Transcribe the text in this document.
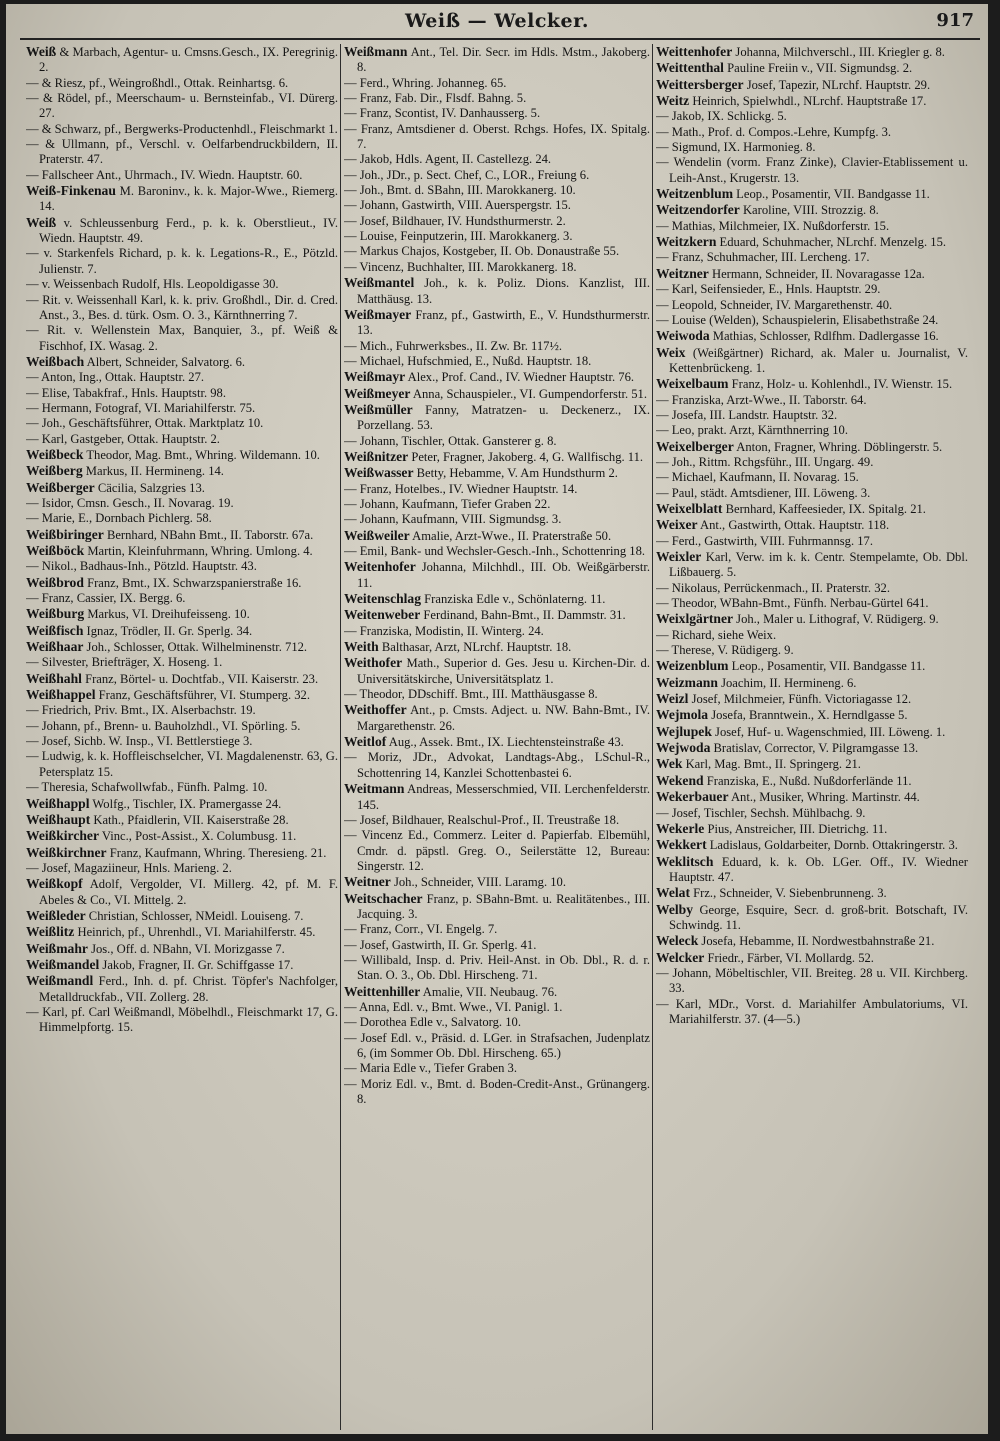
Weiß — Welcker.	917

Weiß & Marbach, Agentur- u. Cmsns.Gesch., IX. Peregrinig. 2.

— & Riesz, pf., Weingroßhdl., Ottak. Reinhartsg. 6.

— & Rödel, pf., Meerschaum- u. Bernsteinfab., VI. Dürerg. 27.

— & Schwarz, pf., Bergwerks-Productenhdl., Fleischmarkt 1.

— & Ullmann, pf., Verschl. v. Oelfarbendruckbildern, II. Praterstr. 47.

— Fallscheer Ant., Uhrmach., IV. Wiedn. Hauptstr. 60.

Weiß-Finkenau M. Baroninv., k. k. Major-Wwe., Riemerg. 14.

Weiß v. Schleussenburg Ferd., p. k. k. Oberstlieut., IV. Wiedn. Hauptstr. 49.

— v. Starkenfels Richard, p. k. k. Legations-R., E., Pötzld. Julienstr. 7.

— v. Weissenbach Rudolf, Hls. Leopoldigasse 30.

— Rit. v. Weissenhall Karl, k. k. priv. Großhdl., Dir. d. Cred. Anst., 3., Bes. d. türk. Osm. O. 3., Kärnthnerring 7.

— Rit. v. Wellenstein Max, Banquier, 3., pf. Weiß & Fischhof, IX. Wasag. 2.

Weißbach Albert, Schneider, Salvatorg. 6.

— Anton, Ing., Ottak. Hauptstr. 27.

— Elise, Tabakfraf., Hnls. Hauptstr. 98.

— Hermann, Fotograf, VI. Mariahilferstr. 75.

— Joh., Geschäftsführer, Ottak. Marktplatz 10.

— Karl, Gastgeber, Ottak. Hauptstr. 2.

Weißbeck Theodor, Mag. Bmt., Whring. Wildemann. 10.

Weißberg Markus, II. Hermineng. 14.

Weißberger Cäcilia, Salzgries 13.

— Isidor, Cmsn. Gesch., II. Novarag. 19.

— Marie, E., Dornbach Pichlerg. 58.

Weißbiringer Bernhard, NBahn Bmt., II. Taborstr. 67a.

Weißböck Martin, Kleinfuhrmann, Whring. Umlong. 4.

— Nikol., Badhaus-Inh., Pötzld. Hauptstr. 43.

Weißbrod Franz, Bmt., IX. Schwarzspanierstraße 16.

— Franz, Cassier, IX. Bergg. 6.

Weißburg Markus, VI. Dreihufeisseng. 10.

Weißfisch Ignaz, Trödler, II. Gr. Sperlg. 34.

Weißhaar Joh., Schlosser, Ottak. Wilhelminenstr. 712.

— Silvester, Briefträger, X. Hoseng. 1.

Weißhahl Franz, Börtel- u. Dochtfab., VII. Kaiserstr. 23.

Weißhappel Franz, Geschäftsführer, VI. Stumperg. 32.

— Friedrich, Priv. Bmt., IX. Alserbachstr. 19.

— Johann, pf., Brenn- u. Bauholzhdl., VI. Spörling. 5.

— Josef, Sichb. W. Insp., VI. Bettlerstiege 3.

— Ludwig, k. k. Hoffleischselcher, VI. Magdalenenstr. 63, G. Petersplatz 15.

— Theresia, Schafwollwfab., Fünfh. Palmg. 10.

Weißhappl Wolfg., Tischler, IX. Pramergasse 24.

Weißhaupt Kath., Pfaidlerin, VII. Kaiserstraße 28.

Weißkircher Vinc., Post-Assist., X. Columbusg. 11.

Weißkirchner Franz, Kaufmann, Whring. Theresieng. 21.

— Josef, Magaziineur, Hnls. Marieng. 2.

Weißkopf Adolf, Vergolder, VI. Millerg. 42, pf. M. F. Abeles & Co., VI. Mittelg. 2.

Weißleder Christian, Schlosser, NMeidl. Louiseng. 7.

Weißlitz Heinrich, pf., Uhrenhdl., VI. Mariahilferstr. 45.

Weißmahr Jos., Off. d. NBahn, VI. Morizgasse 7.

Weißmandel Jakob, Fragner, II. Gr. Schiffgasse 17.

Weißmandl Ferd., Inh. d. pf. Christ. Töpfer's Nachfolger, Metalldruckfab., VII. Zollerg. 28.

— Karl, pf. Carl Weißmandl, Möbelhdl., Fleischmarkt 17, G. Himmelpfortg. 15.

Weißmann Ant., Tel. Dir. Secr. im Hdls. Mstm., Jakoberg. 8.

— Ferd., Whring. Johanneg. 65.

— Franz, Fab. Dir., Flsdf. Bahng. 5.

— Franz, Scontist, IV. Danhausserg. 5.

— Franz, Amtsdiener d. Oberst. Rchgs. Hofes, IX. Spitalg. 7.

— Jakob, Hdls. Agent, II. Castellezg. 24.

— Joh., JDr., p. Sect. Chef, C., LOR., Freiung 6.

— Joh., Bmt. d. SBahn, III. Marokkanerg. 10.

— Johann, Gastwirth, VIII. Auerspergstr. 15.

— Josef, Bildhauer, IV. Hundsthurmerstr. 2.

— Louise, Feinputzerin, III. Marokkanerg. 3.

— Markus Chajos, Kostgeber, II. Ob. Donaustraße 55.

— Vincenz, Buchhalter, III. Marokkanerg. 18.

Weißmantel Joh., k. k. Poliz. Dions. Kanzlist, III. Matthäusg. 13.

Weißmayer Franz, pf., Gastwirth, E., V. Hundsthurmerstr. 13.

— Mich., Fuhrwerksbes., II. Zw. Br. 117½.

— Michael, Hufschmied, E., Nußd. Hauptstr. 18.

Weißmayr Alex., Prof. Cand., IV. Wiedner Hauptstr. 76.

Weißmeyer Anna, Schauspieler., VI. Gumpendorferstr. 51.

Weißmüller Fanny, Matratzen- u. Deckenerz., IX. Porzellang. 53.

— Johann, Tischler, Ottak. Gansterer g. 8.

Weißnitzer Peter, Fragner, Jakoberg. 4, G. Wallfischg. 11.

Weißwasser Betty, Hebamme, V. Am Hundsthurm 2.

— Franz, Hotelbes., IV. Wiedner Hauptstr. 14.

— Johann, Kaufmann, Tiefer Graben 22.

— Johann, Kaufmann, VIII. Sigmundsg. 3.

Weißweiler Amalie, Arzt-Wwe., II. Praterstraße 50.

— Emil, Bank- und Wechsler-Gesch.-Inh., Schottenring 18.

Weitenhofer Johanna, Milchhdl., III. Ob. Weißgärberstr. 11.

Weitenschlag Franziska Edle v., Schönlaterng. 11.

Weitenweber Ferdinand, Bahn-Bmt., II. Dammstr. 31.

— Franziska, Modistin, II. Winterg. 24.

Weith Balthasar, Arzt, NLrchf. Hauptstr. 18.

Weithofer Math., Superior d. Ges. Jesu u. Kirchen-Dir. d. Universitätskirche, Universitätsplatz 1.

— Theodor, DDschiff. Bmt., III. Matthäusgasse 8.

Weithoffer Ant., p. Cmsts. Adject. u. NW. Bahn-Bmt., IV. Margarethenstr. 26.

Weitlof Aug., Assek. Bmt., IX. Liechtensteinstraße 43.

— Moriz, JDr., Advokat, Landtags-Abg., LSchul-R., Schottenring 14, Kanzlei Schottenbastei 6.

Weitmann Andreas, Messerschmied, VII. Lerchenfelderstr. 145.

— Josef, Bildhauer, Realschul-Prof., II. Treustraße 18.

— Vincenz Ed., Commerz. Leiter d. Papierfab. Elbemühl, Cmdr. d. päpstl. Greg. O., Seilerstätte 12, Bureau: Singerstr. 12.

Weitner Joh., Schneider, VIII. Laramg. 10.

Weitschacher Franz, p. SBahn-Bmt. u. Realitätenbes., III. Jacquing. 3.

— Franz, Corr., VI. Engelg. 7.

— Josef, Gastwirth, II. Gr. Sperlg. 41.

— Willibald, Insp. d. Priv. Heil-Anst. in Ob. Dbl., R. d. r. Stan. O. 3., Ob. Dbl. Hirscheng. 71.

Weittenhiller Amalie, VII. Neubaug. 76.

— Anna, Edl. v., Bmt. Wwe., VI. Panigl. 1.

— Dorothea Edle v., Salvatorg. 10.

— Josef Edl. v., Präsid. d. LGer. in Strafsachen, Judenplatz 6, (im Sommer Ob. Dbl. Hirscheng. 65.)

— Maria Edle v., Tiefer Graben 3.

— Moriz Edl. v., Bmt. d. Boden-Credit-Anst., Grünangerg. 8.

Weittenhofer Johanna, Milchverschl., III. Kriegler g. 8.

Weittenthal Pauline Freiin v., VII. Sigmundsg. 2.

Weittersberger Josef, Tapezir, NLrchf. Hauptstr. 29.

Weitz Heinrich, Spielwhdl., NLrchf. Hauptstraße 17.

— Jakob, IX. Schlickg. 5.

— Math., Prof. d. Compos.-Lehre, Kumpfg. 3.

— Sigmund, IX. Harmonieg. 8.

— Wendelin (vorm. Franz Zinke), Clavier-Etablissement u. Leih-Anst., Krugerstr. 13.

Weitzenblum Leop., Posamentir, VII. Bandgasse 11.

Weitzendorfer Karoline, VIII. Strozzig. 8.

— Mathias, Milchmeier, IX. Nußdorferstr. 15.

Weitzkern Eduard, Schuhmacher, NLrchf. Menzelg. 15.

— Franz, Schuhmacher, III. Lercheng. 17.

Weitzner Hermann, Schneider, II. Novaragasse 12a.

— Karl, Seifensieder, E., Hnls. Hauptstr. 29.

— Leopold, Schneider, IV. Margarethenstr. 40.

— Louise (Welden), Schauspielerin, Elisabethstraße 24.

Weiwoda Mathias, Schlosser, Rdlfhm. Dadlergasse 16.

Weix (Weißgärtner) Richard, ak. Maler u. Journalist, V. Kettenbrückeng. 1.

Weixelbaum Franz, Holz- u. Kohlenhdl., IV. Wienstr. 15.

— Franziska, Arzt-Wwe., II. Taborstr. 64.

— Josefa, III. Landstr. Hauptstr. 32.

— Leo, prakt. Arzt, Kärnthnerring 10.

Weixelberger Anton, Fragner, Whring. Döblingerstr. 5.

— Joh., Rittm. Rchgsführ., III. Ungarg. 49.

— Michael, Kaufmann, II. Novarag. 15.

— Paul, städt. Amtsdiener, III. Löweng. 3.

Weixelblatt Bernhard, Kaffeesieder, IX. Spitalg. 21.

Weixer Ant., Gastwirth, Ottak. Hauptstr. 118.

— Ferd., Gastwirth, VIII. Fuhrmannsg. 17.

Weixler Karl, Verw. im k. k. Centr. Stempelamte, Ob. Dbl. Lißbauerg. 5.

— Nikolaus, Perrückenmach., II. Praterstr. 32.

— Theodor, WBahn-Bmt., Fünfh. Nerbau-Gürtel 641.

Weixlgärtner Joh., Maler u. Lithograf, V. Rüdigerg. 9.

— Richard, siehe Weix.

— Therese, V. Rüdigerg. 9.

Weizenblum Leop., Posamentir, VII. Bandgasse 11.

Weizmann Joachim, II. Hermineng. 6.

Weizl Josef, Milchmeier, Fünfh. Victoriagasse 12.

Wejmola Josefa, Branntwein., X. Herndlgasse 5.

Wejlupek Josef, Huf- u. Wagenschmied, III. Löweng. 1.

Wejwoda Bratislav, Corrector, V. Pilgramgasse 13.

Wek Karl, Mag. Bmt., II. Springerg. 21.

Wekend Franziska, E., Nußd. Nußdorferlände 11.

Wekerbauer Ant., Musiker, Whring. Martinstr. 44.

— Josef, Tischler, Sechsh. Mühlbachg. 9.

Wekerle Pius, Anstreicher, III. Dietrichg. 11.

Wekkert Ladislaus, Goldarbeiter, Dornb. Ottakringerstr. 3.

Weklitsch Eduard, k. k. Ob. LGer. Off., IV. Wiedner Hauptstr. 47.

Welat Frz., Schneider, V. Siebenbrunneng. 3.

Welby George, Esquire, Secr. d. groß-brit. Botschaft, IV. Schwindg. 11.

Weleck Josefa, Hebamme, II. Nordwestbahnstraße 21.

Welcker Friedr., Färber, VI. Mollardg. 52.

— Johann, Möbeltischler, VII. Breiteg. 28 u. VII. Kirchberg. 33.

— Karl, MDr., Vorst. d. Mariahilfer Ambulatoriums, VI. Mariahilferstr. 37. (4—5.)
